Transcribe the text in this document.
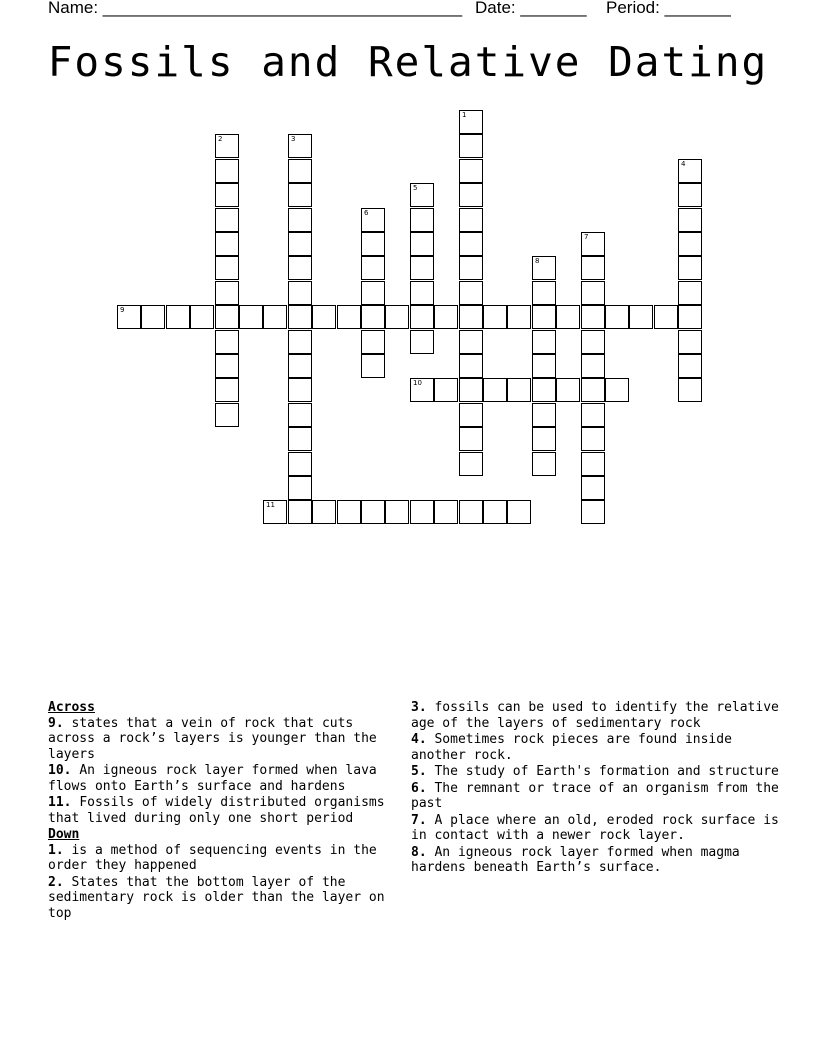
Name: ______________________________________ Date: _______ Period: _______
Fossils and Relative Dating
9
10
11
1
2	3
4
5
6
7
8
Across
9. states that a vein of rock that cuts across a rock’s layers is younger than the layers
10. An igneous rock layer formed when lava flows onto Earth’s surface and hardens
11. Fossils of widely distributed organisms that lived during only one short period
Down
1. is a method of sequencing events in the order they happened
2. States that the bottom layer of the sedimentary rock is older than the layer on top
3. fossils can be used to identify the relative age of the layers of sedimentary rock
4. Sometimes rock pieces are found inside another rock.
5. The study of Earth's formation and structure
6. The remnant or trace of an organism from the past
7. A place where an old, eroded rock surface is in contact with a newer rock layer.
8. An igneous rock layer formed when magma hardens beneath Earth’s surface.
